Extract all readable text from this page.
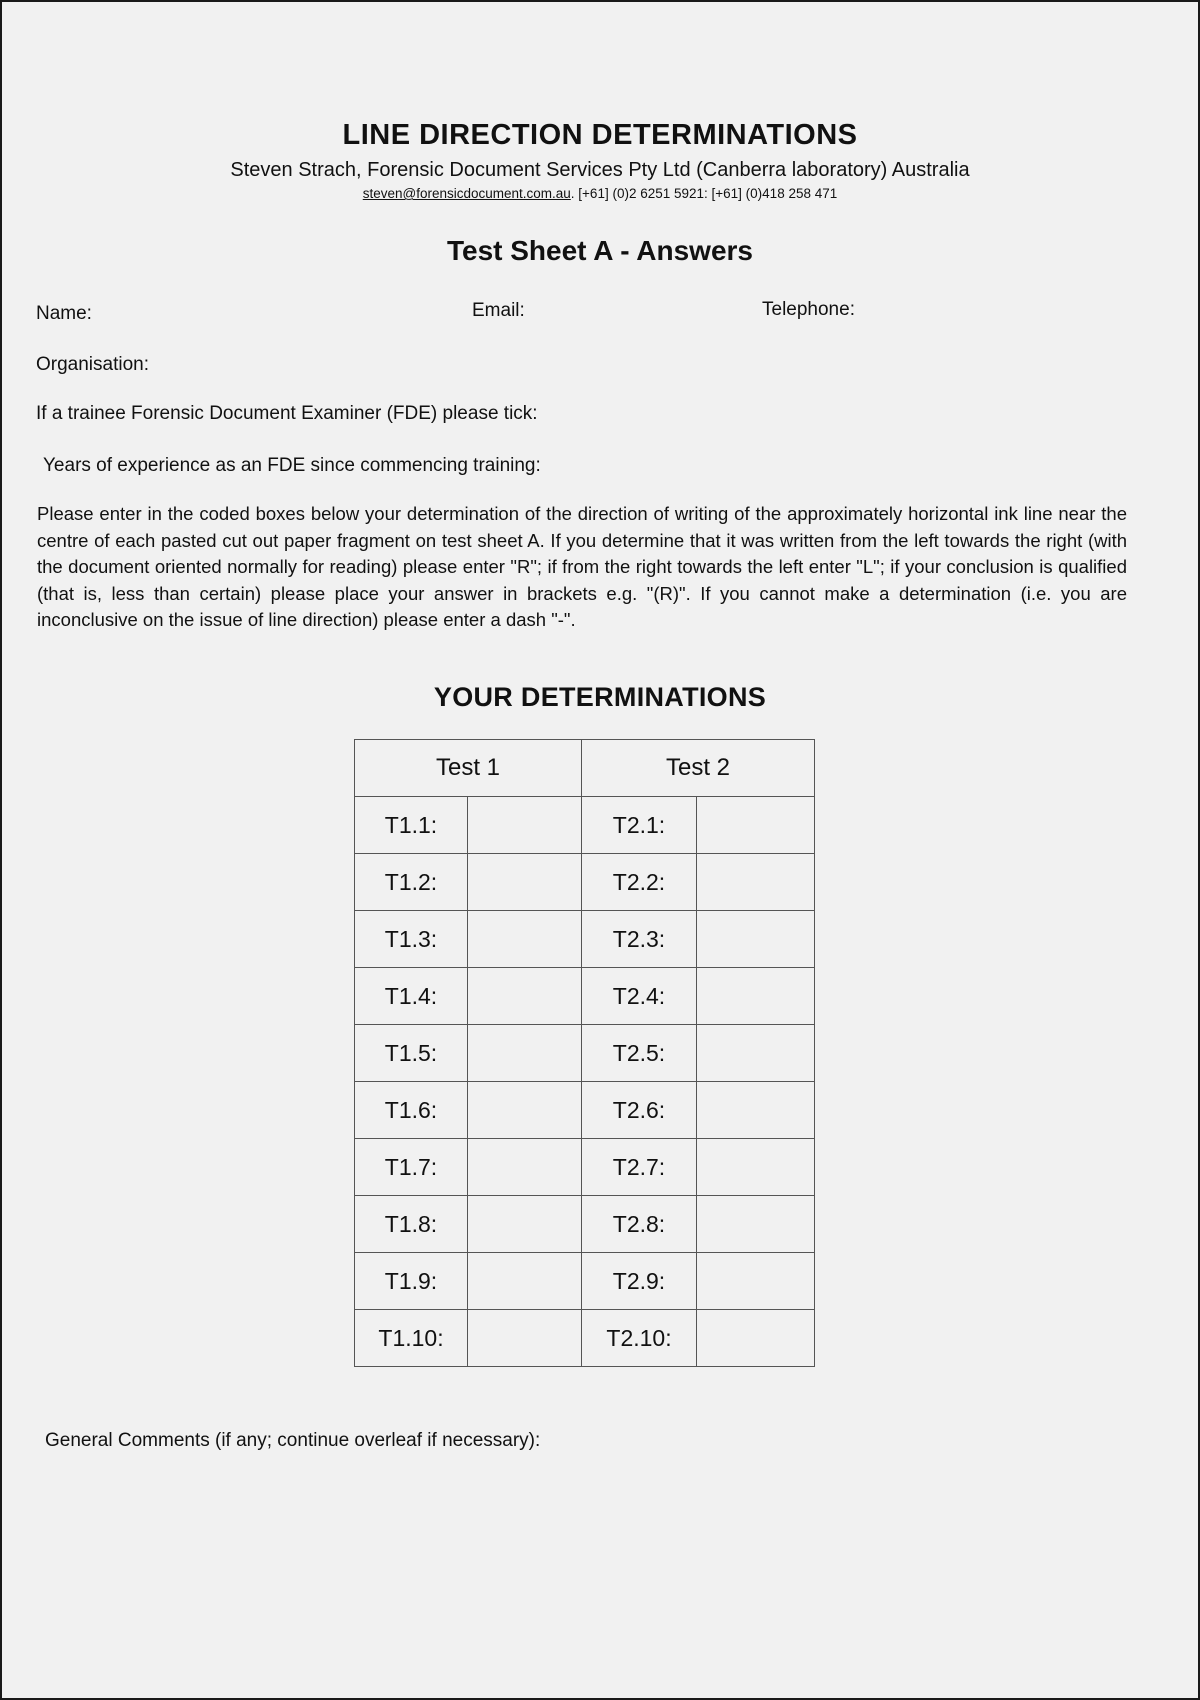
LINE DIRECTION DETERMINATIONS
Steven Strach, Forensic Document Services Pty Ltd (Canberra laboratory) Australia
steven@forensicdocument.com.au. [+61] (0)2 6251 5921: [+61] (0)418 258 471
Test Sheet A - Answers
Name:	Email:	Telephone:
Organisation:
If a trainee Forensic Document Examiner (FDE) please tick:
Years of experience as an FDE since commencing training:
Please enter in the coded boxes below your determination of the direction of writing of the approximately horizontal ink line near the centre of each pasted cut out paper fragment on test sheet A. If you determine that it was written from the left towards the right (with the document oriented normally for reading) please enter "R"; if from the right towards the left enter "L"; if your conclusion is qualified (that is, less than certain) please place your answer in brackets e.g. "(R)". If you cannot make a determination (i.e. you are inconclusive on the issue of line direction) please enter a dash "-".
YOUR DETERMINATIONS
Test 1		Test 2	
T1.1:		T2.1:	
T1.2:		T2.2:	
T1.3:		T2.3:	
T1.4:		T2.4:	
T1.5:		T2.5:	
T1.6:		T2.6:	
T1.7:		T2.7:	
T1.8:		T2.8:	
T1.9:		T2.9:	
T1.10:		T2.10:	
General Comments (if any; continue overleaf if necessary):
